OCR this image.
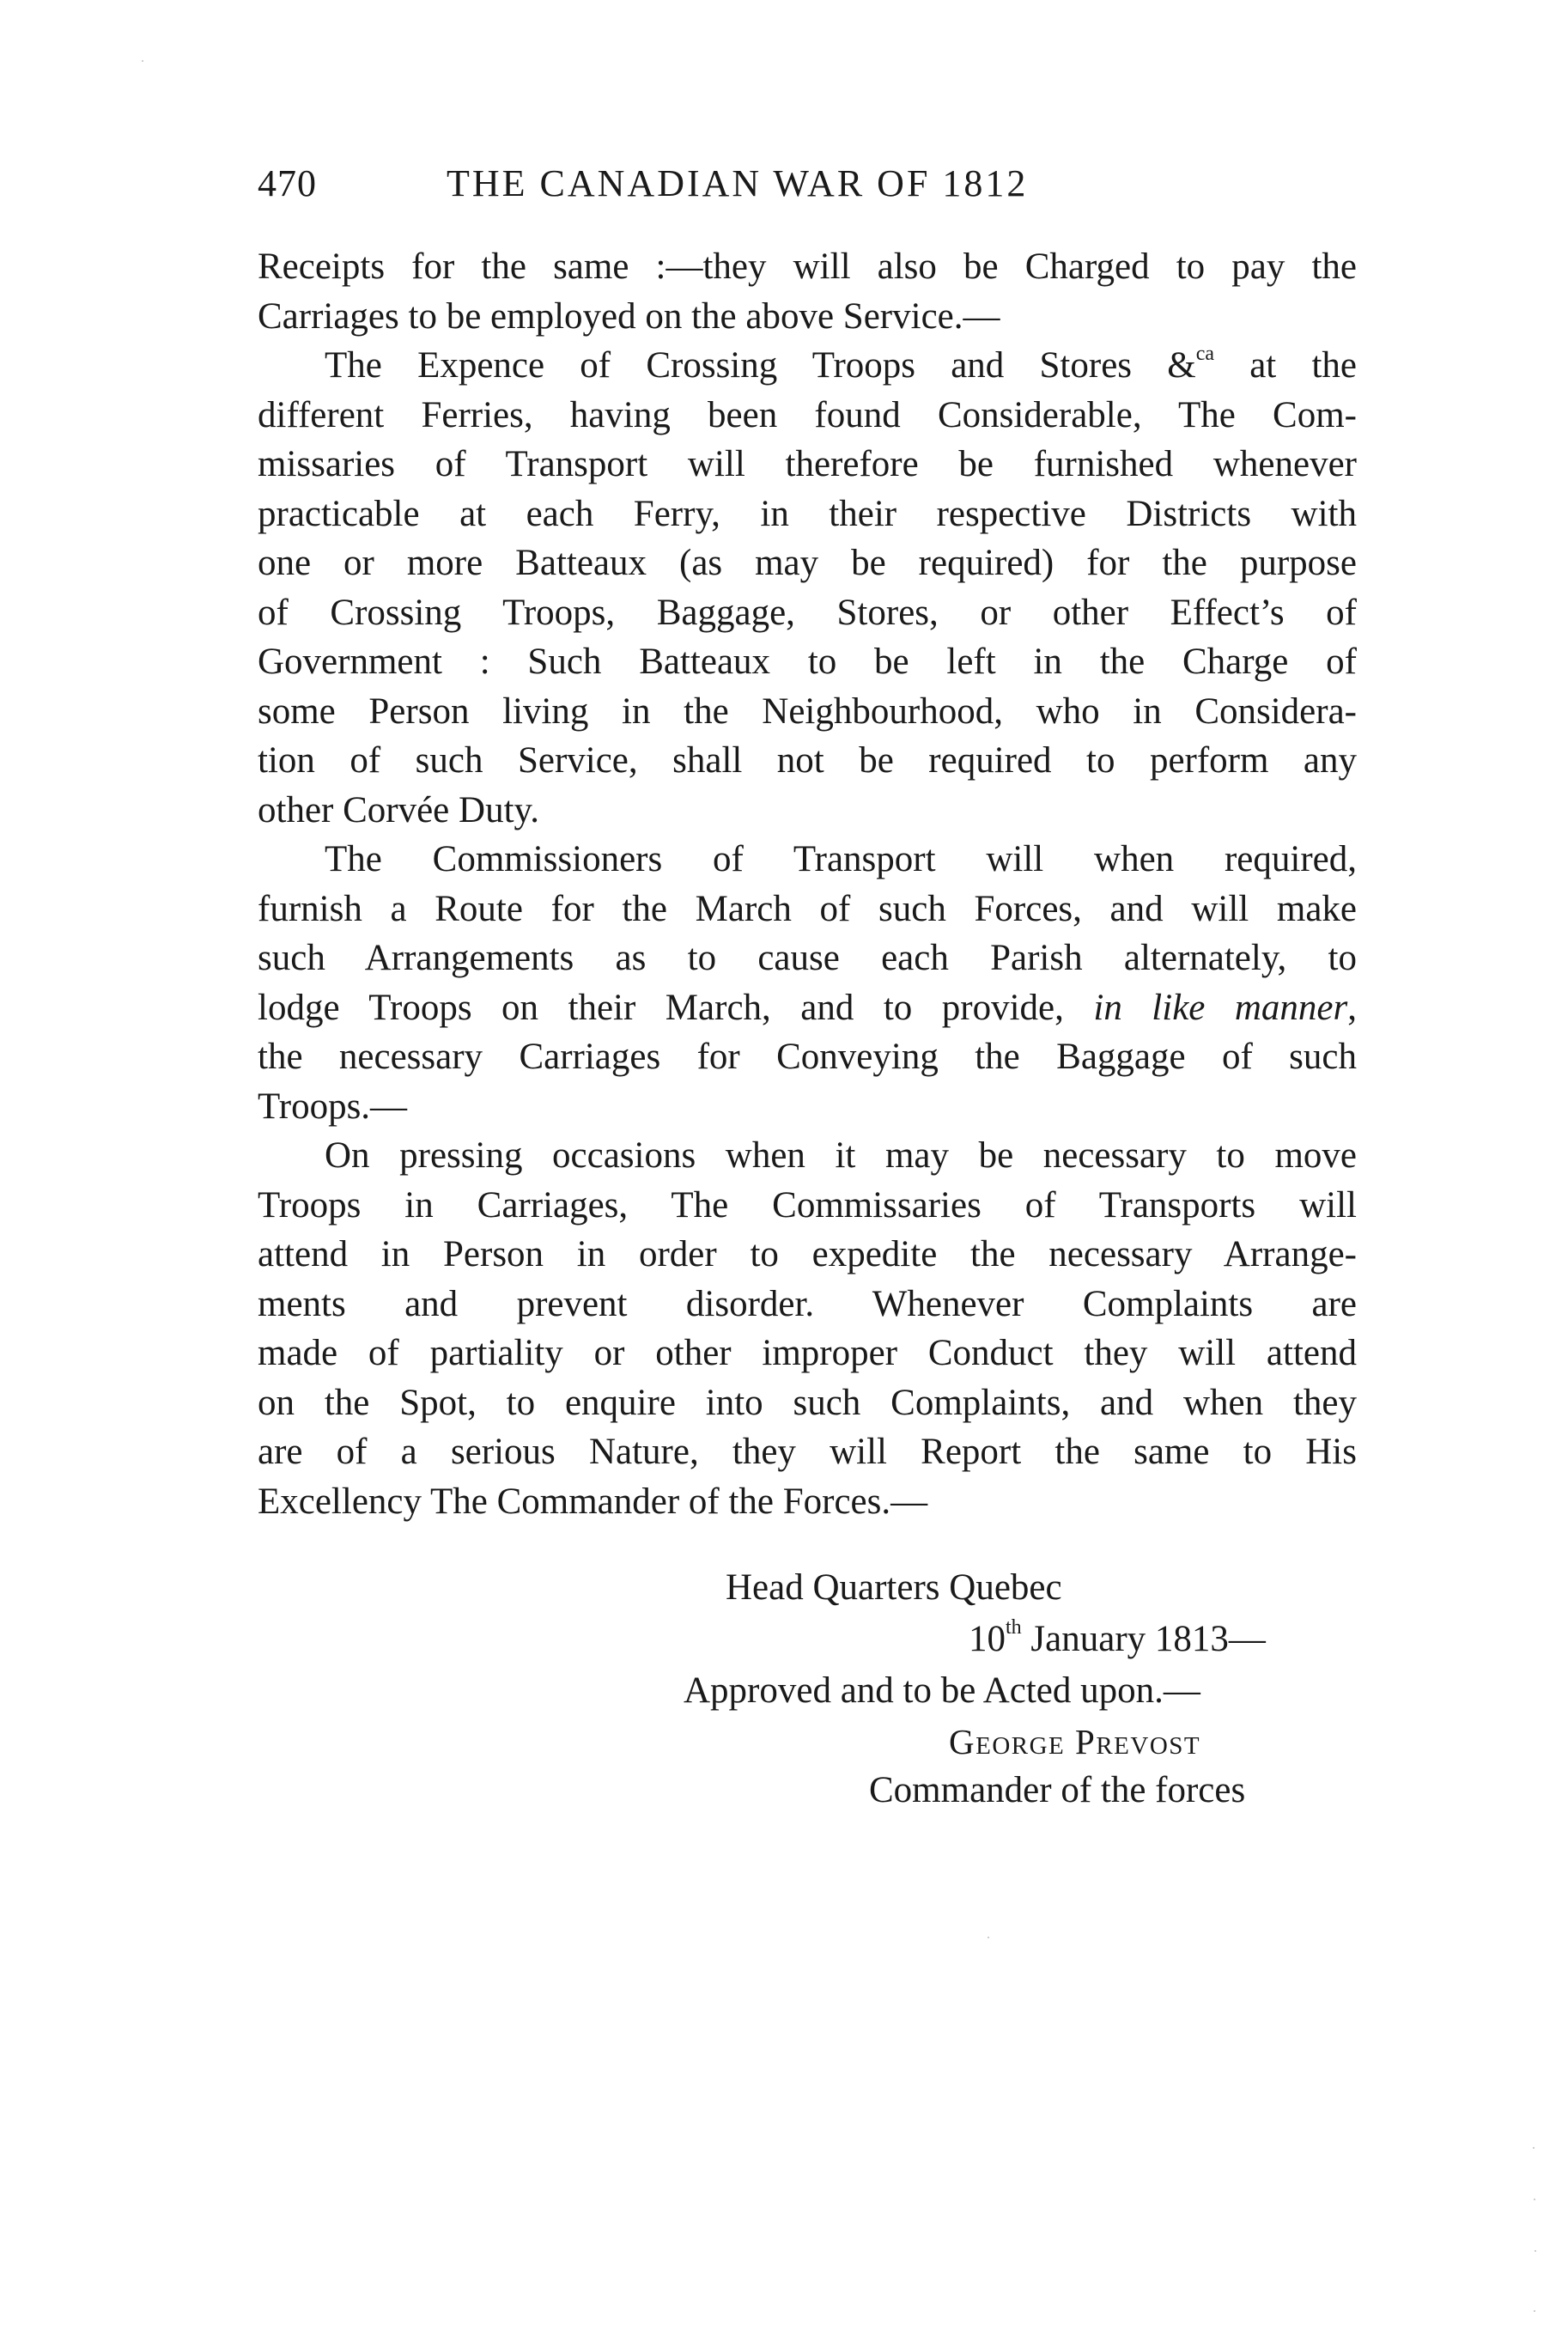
470	THE CANADIAN WAR OF 1812
Receipts for the same :—they will also be Charged to pay the
Carriages to be employed on the above Service.—
The Expence of Crossing Troops and Stores &$^{ca}$ at the
different Ferries, having been found Considerable, The Com-
missaries of Transport will therefore be furnished whenever
practicable at each Ferry, in their respective Districts with
one or more Batteaux (as may be required) for the purpose
of Crossing Troops, Baggage, Stores, or other Effect’s of
Government : Such Batteaux to be left in the Charge of
some Person living in the Neighbourhood, who in Considera-
tion of such Service, shall not be required to perform any
other Corvée Duty.
The Commissioners of Transport will when required,
furnish a Route for the March of such Forces, and will make
such Arrangements as to cause each Parish alternately, to
lodge Troops on their March, and to provide, in like manner,
the necessary Carriages for Conveying the Baggage of such
Troops.—
On pressing occasions when it may be necessary to move
Troops in Carriages, The Commissaries of Transports will
attend in Person in order to expedite the necessary Arrange-
ments and prevent disorder. Whenever Complaints are
made of partiality or other improper Conduct they will attend
on the Spot, to enquire into such Complaints, and when they
are of a serious Nature, they will Report the same to His
Excellency The Commander of the Forces.—
Head Quarters Quebec
10th January 1813—
Approved and to be Acted upon.—
George Prevost
Commander of the forces
